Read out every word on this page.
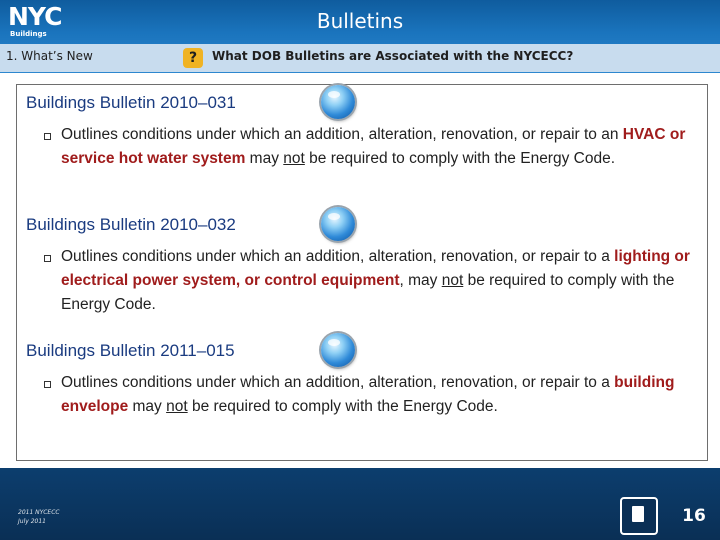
NYC
Buildings
Bulletins
1. What’s New	?	What DOB Bulletins are Associated with the NYCECC?
Buildings Bulletin 2010–031
Outlines conditions under which an addition, alteration, renovation, or repair to an HVAC or service hot water system may not be required to comply with the Energy Code.
Buildings Bulletin 2010–032
Outlines conditions under which an addition, alteration, renovation, or repair to a lighting or electrical power system, or control equipment, may not be required to comply with the Energy Code.
Buildings Bulletin 2011–015
Outlines conditions under which an addition, alteration, renovation, or repair to a building envelope may not be required to comply with the Energy Code.
2011 NYCECC
July 2011	16
